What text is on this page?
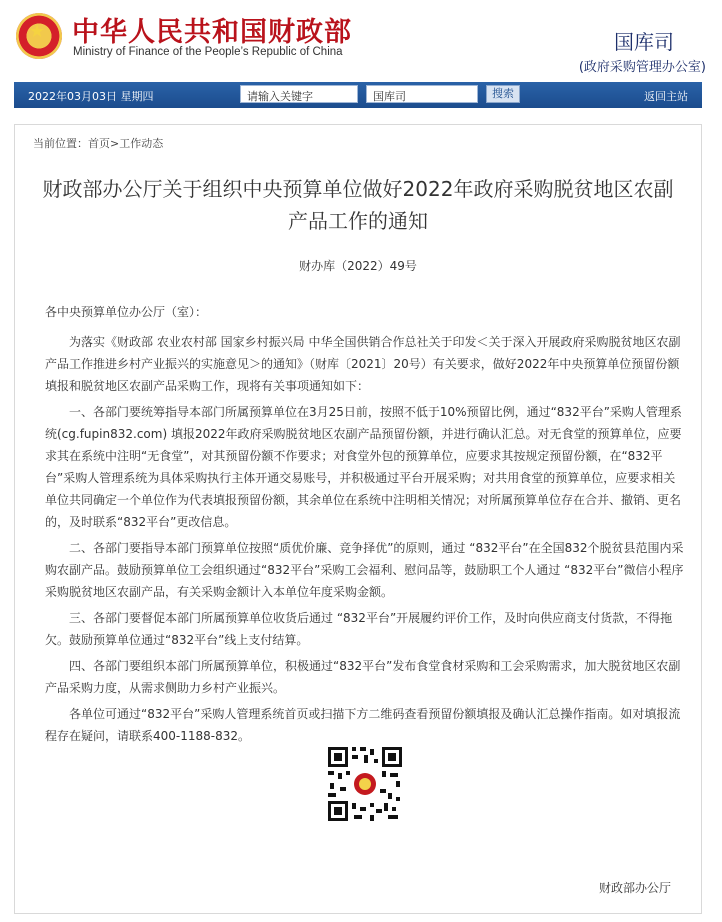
★ 中华人民共和国财政部
Ministry of Finance of the People’s Republic of China	国库司
(政府采购管理办公室)
2022年03月03日 星期四	请输入关键字	国库司	搜索	返回主站
当前位置：首页>工作动态
财政部办公厅关于组织中央预算单位做好2022年政府采购脱贫地区农副产品工作的通知
财办库（2022）49号

各中央预算单位办公厅（室）：

为落实《财政部 农业农村部 国家乡村振兴局 中华全国供销合作总社关于印发＜关于深入开展政府采购脱贫地区农副产品工作推进乡村产业振兴的实施意见＞的通知》（财库〔2021〕20号）有关要求，做好2022年中央预算单位预留份额填报和脱贫地区农副产品采购工作，现将有关事项通知如下：

一、各部门要统筹指导本部门所属预算单位在3月25日前，按照不低于10%预留比例，通过“832平台”采购人管理系统(cg.fupin832.com) 填报2022年政府采购脱贫地区农副产品预留份额，并进行确认汇总。对无食堂的预算单位，应要求其在系统中注明“无食堂”，对其预留份额不作要求；对食堂外包的预算单位，应要求其按规定预留份额，在“832平台”采购人管理系统为具体采购执行主体开通交易账号，并积极通过平台开展采购；对共用食堂的预算单位，应要求相关单位共同确定一个单位作为代表填报预留份额，其余单位在系统中注明相关情况；对所属预算单位存在合并、撤销、更名的，及时联系“832平台”更改信息。

二、各部门要指导本部门预算单位按照“质优价廉、竞争择优”的原则，通过 “832平台”在全国832个脱贫县范围内采购农副产品。鼓励预算单位工会组织通过“832平台”采购工会福利、慰问品等，鼓励职工个人通过 “832平台”微信小程序采购脱贫地区农副产品，有关采购金额计入本单位年度采购金额。

三、各部门要督促本部门所属预算单位收货后通过 “832平台”开展履约评价工作，及时向供应商支付货款，不得拖欠。鼓励预算单位通过“832平台”线上支付结算。

四、各部门要组织本部门所属预算单位，积极通过“832平台”发布食堂食材采购和工会采购需求，加大脱贫地区农副产品采购力度，从需求侧助力乡村产业振兴。

各单位可通过“832平台”采购人管理系统首页或扫描下方二维码查看预留份额填报及确认汇总操作指南。如对填报流程存在疑问，请联系400-1188-832。

财政部办公厅
